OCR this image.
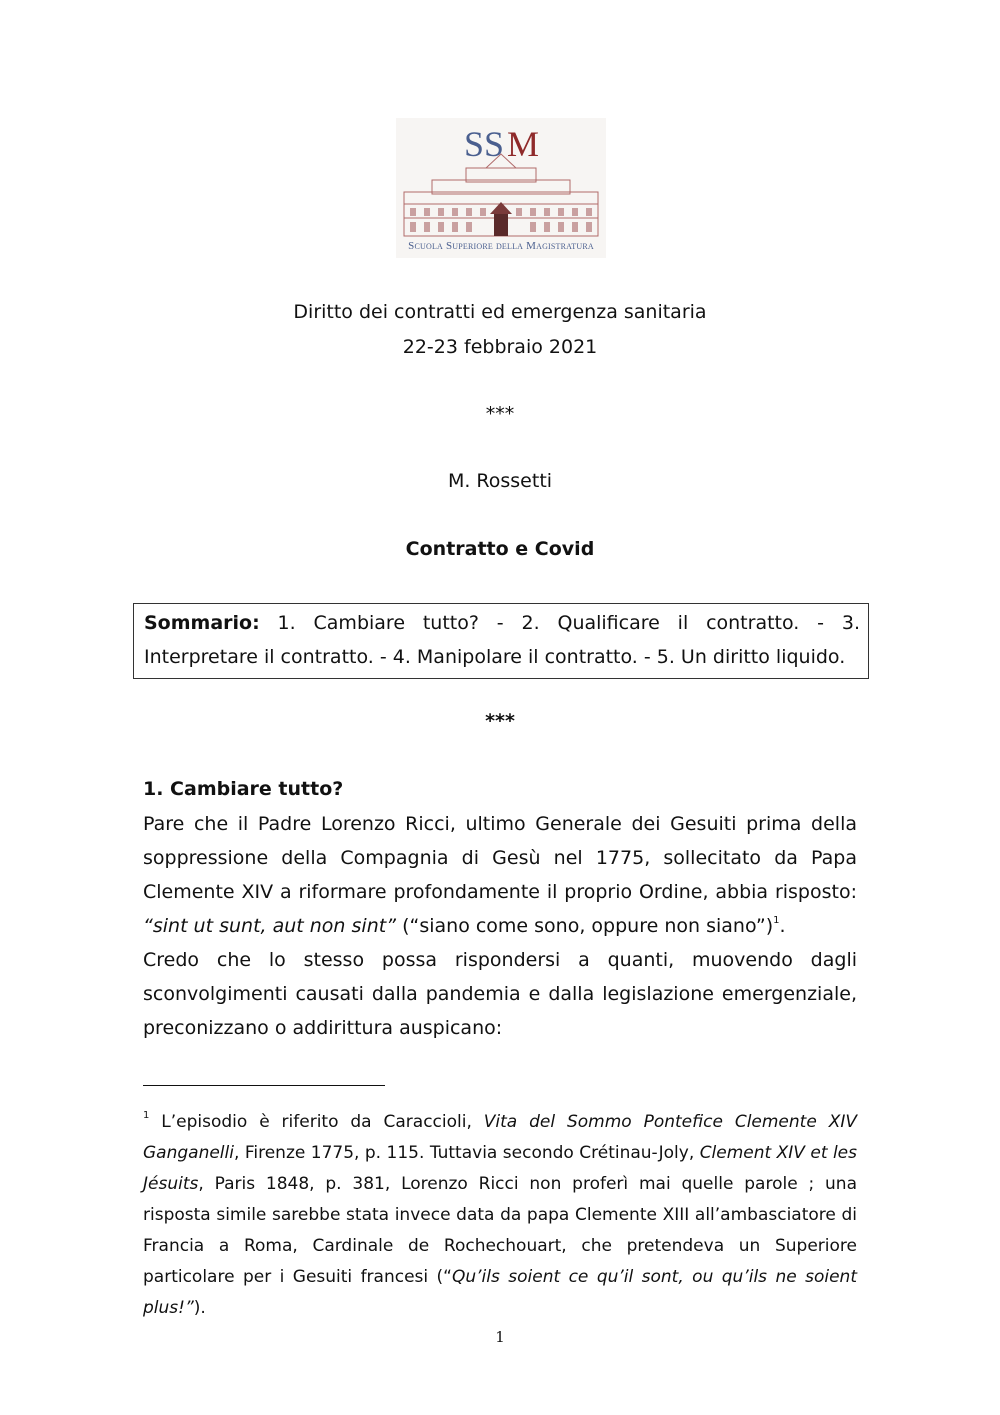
SS M
Scuola Superiore della Magistratura
Diritto dei contratti ed emergenza sanitaria
22-23 febbraio 2021
***
M. Rossetti
Contratto e Covid
Sommario: 1. Cambiare tutto? - 2. Qualificare il contratto. - 3. Interpretare il contratto. - 4. Manipolare il contratto. - 5. Un diritto liquido.
***
1. Cambiare tutto?

Pare che il Padre Lorenzo Ricci, ultimo Generale dei Gesuiti prima della soppressione della Compagnia di Gesù nel 1775, sollecitato da Papa Clemente XIV a riformare profondamente il proprio Ordine, abbia risposto: “sint ut sunt, aut non sint” (“siano come sono, oppure non siano”)$^1$.

Credo che lo stesso possa rispondersi a quanti, muovendo dagli sconvolgimenti causati dalla pandemia e dalla legislazione emergenziale, preconizzano o addirittura auspicano:

$^1$ L’episodio è riferito da Caraccioli, Vita del Sommo Pontefice Clemente XIV Ganganelli, Firenze 1775, p. 115. Tuttavia secondo Crétinau-Joly, Clement XIV et les Jésuits, Paris 1848, p. 381, Lorenzo Ricci non proferì mai quelle parole ; una risposta simile sarebbe stata invece data da papa Clemente XIII all’ambasciatore di Francia a Roma, Cardinale de Rochechouart, che pretendeva un Superiore particolare per i Gesuiti francesi (“Qu’ils soient ce qu’il sont, ou qu’ils ne soient plus!”).
1
